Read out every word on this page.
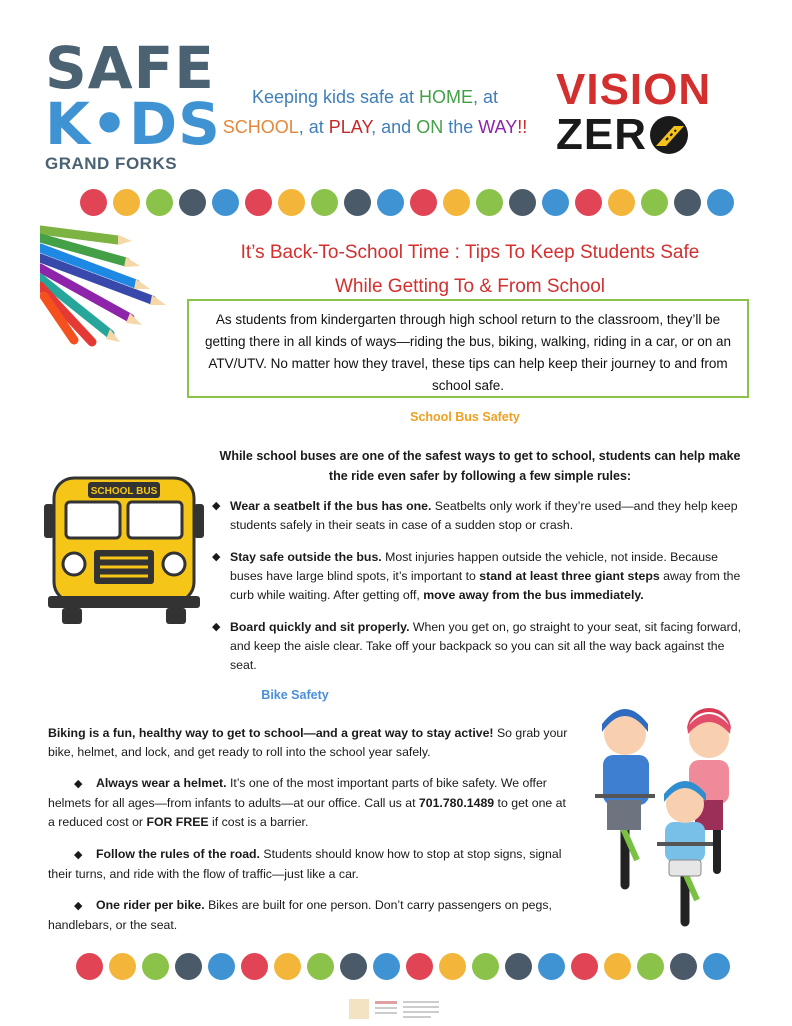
SAFE
K•DS
GRAND FORKS
Keeping kids safe at HOME, at
SCHOOL, at PLAY, and ON the WAY!!
VISION
ZER
It’s Back-To-School Time : Tips To Keep Students Safe
While Getting To & From School
As students from kindergarten through high school return to the classroom, they’ll be getting there in all kinds of ways—riding the bus, biking, walking, riding in a car, or on an ATV/UTV. No matter how they travel, these tips can help keep their journey to and from school safe.
School Bus Safety
While school buses are one of the safest ways to get to school, students can help make the ride even safer by following a few simple rules:
SCHOOL BUS
◆ Wear a seatbelt if the bus has one. Seatbelts only work if they’re used—and they help keep students safely in their seats in case of a sudden stop or crash.
◆ Stay safe outside the bus. Most injuries happen outside the vehicle, not inside. Because buses have large blind spots, it’s important to stand at least three giant steps away from the curb while waiting. After getting off, move away from the bus immediately.
◆ Board quickly and sit properly. When you get on, go straight to your seat, sit facing forward, and keep the aisle clear. Take off your backpack so you can sit all the way back against the seat.
Bike Safety
Biking is a fun, healthy way to get to school—and a great way to stay active! So grab your bike, helmet, and lock, and get ready to roll into the school year safely.
◆ Always wear a helmet. It’s one of the most important parts of bike safety. We offer helmets for all ages—from infants to adults—at our office. Call us at 701.780.1489 to get one at a reduced cost or FOR FREE if cost is a barrier.
◆ Follow the rules of the road. Students should know how to stop at stop signs, signal their turns, and ride with the flow of traffic—just like a car.
◆ One rider per bike. Bikes are built for one person. Don’t carry passengers on pegs, handlebars, or the seat.
